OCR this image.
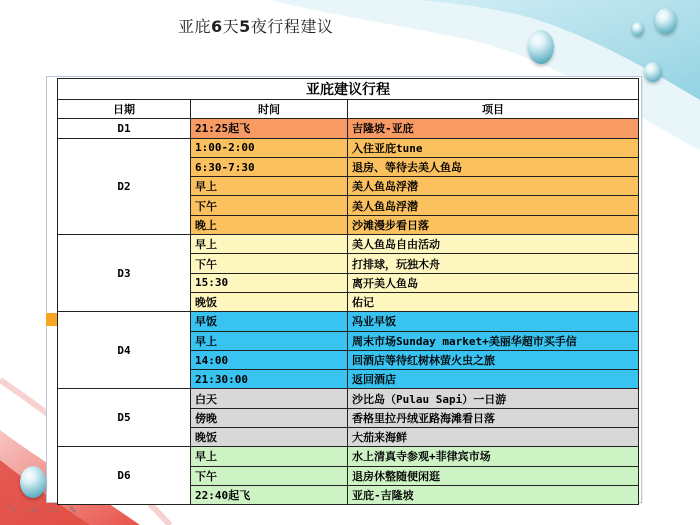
亚庇6天5夜行程建议
亚庇建议行程		
日期	时间	项目
D1	21:25起飞	吉隆坡-亚庇
D2	1:00-2:00	入住亚庇tune
	6:30-7:30	退房、等待去美人鱼岛
	早上	美人鱼岛浮潜
	下午	美人鱼岛浮潜
	晚上	沙滩漫步看日落
D3	早上	美人鱼岛自由活动
	下午	打排球，玩独木舟
	15:30	离开美人鱼岛
	晚饭	佑记
D4	早饭	冯业早饭
	早上	周末市场Sunday market+美丽华超市买手信
	14:00	回酒店等待红树林萤火虫之旅
	21:30:00	返回酒店
D5	白天	沙比岛（Pulau Sapi）一日游
	傍晚	香格里拉丹绒亚路海滩看日落
	晚饭	大茄来海鲜
D6	早上	水上清真寺参观+菲律宾市场
	下午	退房休整随便闲逛
	22:40起飞	亚庇-吉隆坡
✎ ➜ ▭ ⬉
